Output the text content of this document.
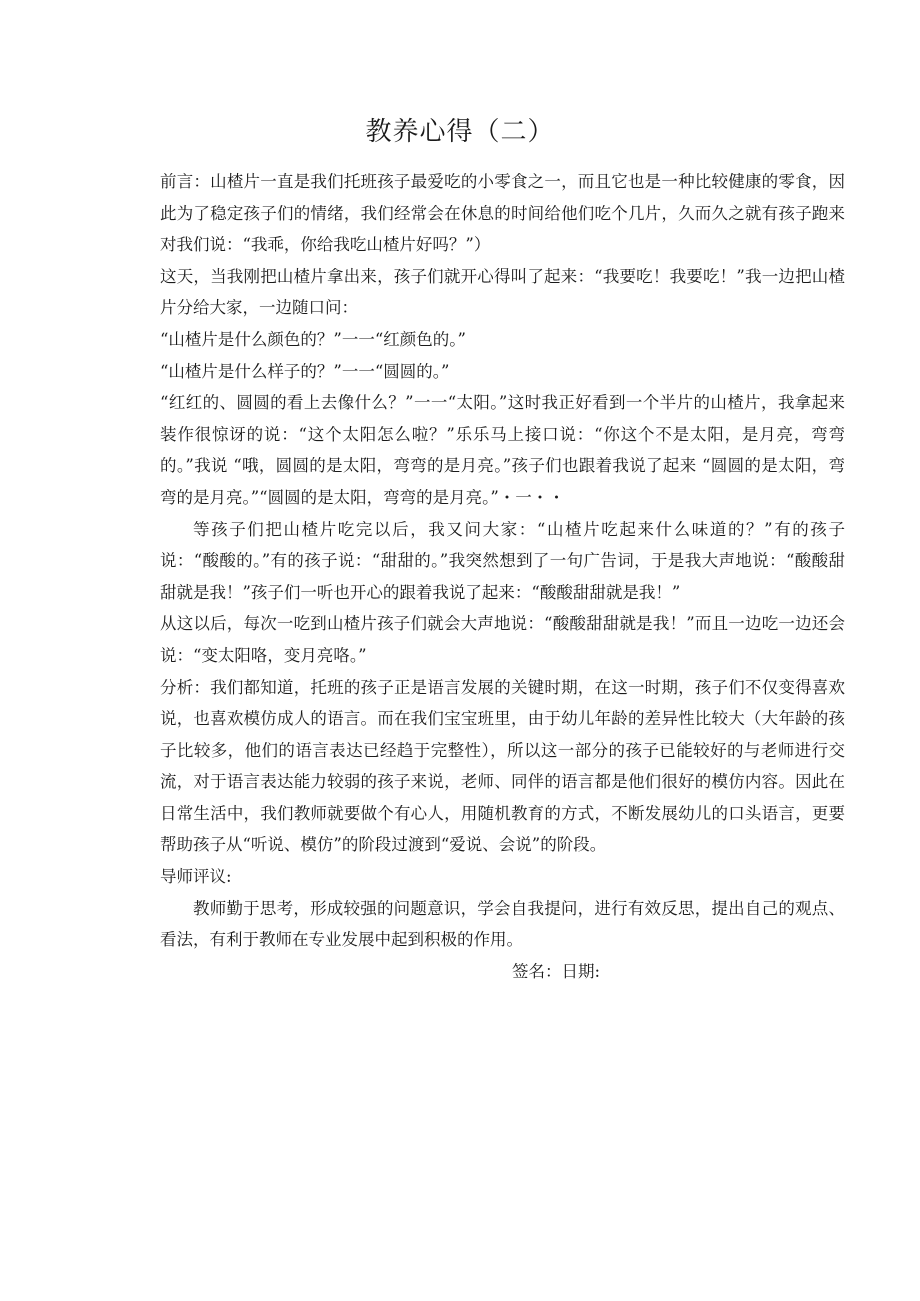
教养心得（二）

前言：山楂片一直是我们托班孩子最爱吃的小零食之一，而且它也是一种比较健康的零食，因此为了稳定孩子们的情绪，我们经常会在休息的时间给他们吃个几片，久而久之就有孩子跑来对我们说：“我乖，你给我吃山楂片好吗？”）

这天，当我刚把山楂片拿出来，孩子们就开心得叫了起来：“我要吃！我要吃！”我一边把山楂片分给大家，一边随口问：

“山楂片是什么颜色的？”一一“红颜色的。”

“山楂片是什么样子的？”一一“圆圆的。”

“红红的、圆圆的看上去像什么？”一一“太阳。”这时我正好看到一个半片的山楂片，我拿起来装作很惊讶的说：“这个太阳怎么啦？”乐乐马上接口说：“你这个不是太阳，是月亮，弯弯的。”我说 “哦，圆圆的是太阳，弯弯的是月亮。”孩子们也跟着我说了起来 “圆圆的是太阳，弯弯的是月亮。”“圆圆的是太阳，弯弯的是月亮。”・一・・

等孩子们把山楂片吃完以后，我又问大家：“山楂片吃起来什么味道的？”有的孩子说：“酸酸的。”有的孩子说：“甜甜的。”我突然想到了一句广告词，于是我大声地说：“酸酸甜甜就是我！”孩子们一听也开心的跟着我说了起来：“酸酸甜甜就是我！”

从这以后，每次一吃到山楂片孩子们就会大声地说：“酸酸甜甜就是我！”而且一边吃一边还会说：“变太阳咯，变月亮咯。”

分析：我们都知道，托班的孩子正是语言发展的关键时期，在这一时期，孩子们不仅变得喜欢说，也喜欢模仿成人的语言。而在我们宝宝班里，由于幼儿年龄的差异性比较大（大年龄的孩子比较多，他们的语言表达已经趋于完整性），所以这一部分的孩子已能较好的与老师进行交流，对于语言表达能力较弱的孩子来说，老师、同伴的语言都是他们很好的模仿内容。因此在日常生活中，我们教师就要做个有心人，用随机教育的方式，不断发展幼儿的口头语言，更要帮助孩子从“听说、模仿”的阶段过渡到“爱说、会说”的阶段。

导师评议:

教师勤于思考，形成较强的问题意识，学会自我提问，进行有效反思，提出自己的观点、看法，有利于教师在专业发展中起到积极的作用。

签名：日期:
